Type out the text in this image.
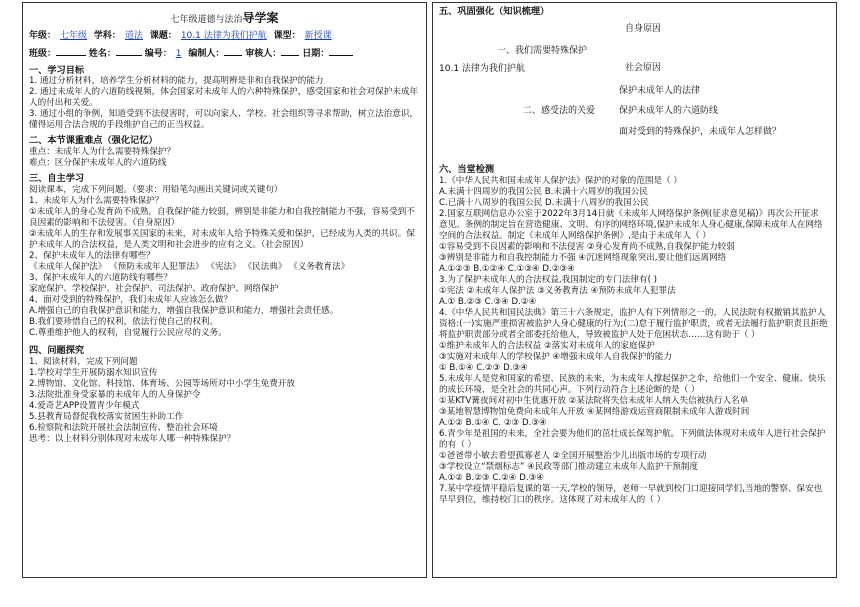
七年级道德与法治导学案
年级： 七年级 学科： 道法 课题： 10.1 法律为我们护航 课型： 新授课
班级：	姓名：	编号： 1 编制人： 审核人： 日期：
一、学习目标
1. 通过分析材料，培养学生分析材料的能力，提高明辨是非和自我保护的能力
2. 通过未成年人的六道防线视频，体会国家对未成年人的六种特殊保护，感受国家和社会对保护未成年
人的付出和关爱。
3. 通过小组的争例，知道受到不法侵害时，可以向家人、学校、社会组织等寻求帮助，树立法治意识，
懂得运用合法合规的手段维护自己的正当权益。
二、本节课重难点（强化记忆）
重点：未成年人为什么需要特殊保护？
难点：区分保护未成年人的六道防线
三、自主学习
阅读课本，完成下列问题。（要求：用铅笔勾画出关键词或关键句）
1、未成年人为什么需要特殊保护？
①未成年人的身心发育尚不成熟，自我保护能力较弱，辨别是非能力和自我控制能力不强，容易受到不
良因素的影响和不法侵害。（自身原因）
②未成年人的生存和发展事关国家的未来，对未成年人给予特殊关爱和保护，已经成为人类的共识。保
护未成年人的合法权益，是人类文明和社会进步的应有之义。（社会原因）
2、保护未成年人的法律有哪些？
《未成年人保护法》 《预防未成年人犯罪法》 《宪法》 《民法典》 《义务教育法》
3、保护未成年人的六道防线有哪些？
家庭保护、学校保护、社会保护、司法保护、政府保护、网络保护
4、面对受到的特殊保护，我们未成年人应该怎么做？
A.增强自己的自我保护意识和能力，增强自我保护意识和能力，增强社会责任感。
B.我们要珍惜自己的权利，依法行使自己的权利。
C.尊重维护他人的权利，自觉履行公民应尽的义务。
四、问题探究
1、阅读材料，完成下列问题
1.学校对学生开展防溺水知识宣传
2.博物馆、文化馆、科技馆、体育场、公园等场所对中小学生免费开放
3.法院批准身受家暴的未成年人的人身保护令
4.爱奇艺APP设置青少年模式
5.县教育局督促我校落实贫困生补助工作
6.检察院和法院开展社会法制宣传、整治社会环境
思考：以上材料分别体现对未成年人哪一种特殊保护？
五、巩固强化（知识梳理）
自身原因
一、我们需要特殊保护
10.1 法律为我们护航	社会原因
保护未成年人的法律
二、感受法的关爱	保护未成年人的六道防线
面对受到的特殊保护，未成年人怎样做？
六、当堂检测
1.《中华人民共和国未成年人保护法》保护的对象的范围是（ ）
A.未满十四周岁的我国公民 B.未满十六周岁的我国公民
C.已满十八周岁的我国公民 D.未满十八周岁的我国公民
2.国家互联网信息办公室于2022年3月14日就《未成年人网络保护条例(征求意见稿)》再次公开征求
意见。条例的制定旨在营造健康、文明、有序的网络环境,保护未成年人身心健康,保障未成年人在网络
空间的合法权益。制定《未成年人网络保护条例》,是由于未成年人（ ）
①容易受到不良因素的影响和不法侵害 ②身心发育尚不成熟,自我保护能力较弱
③辨别是非能力和自我控制能力不强 ④沉迷网络现象突出,要让他们远离网络
A.①②③ B.①②④ C.①③④ D.②③④
3.为了保护未成年人的合法权益,我国制定的专门法律有( )
①宪法 ②未成年人保护法 ③义务教育法 ④预防未成年人犯罪法
A.① B.②③ C.③④ D.②④
4.《中华人民共和国民法典》第三十六条规定，监护人有下列情形之一的，人民法院有权撤销其监护人
资格:(一)实施严重损害被监护人身心健康的行为;(二)怠于履行监护职责，或者无法履行监护职责且拒绝
将监护职责部分或者全部委托给他人，导致被监护人处于危困状态……这有助于（ ）
①维护未成年人的合法权益 ②落实对未成年人的家庭保护
③实施对未成年人的学校保护 ④增强未成年人自我保护的能力
① B.①④ C.②③ D.③④
5.未成年人是党和国家的希望、民族的未来，为未成年人撑起保护之伞，给他们一个安全、健康、快乐
的成长环境，是全社会的共同心声。下列行动符合上述论断的是（ ）
①某KTV篝夜间对初中生优惠开放 ②某法院将失信未成年人纳入失信被执行人名单
③某地智慧博物馆免费向未成年人开放 ④某网络游戏运营商限制未成年人游戏时间
A.①② B.①④ C. ②③ D.③④
6.青少年是祖国的未来，全社会要为他们的茁壮成长保驾护航。下列做法体现对未成年人进行社会保护
的有（ ）
①爸爸带小敏去看望孤寡老人 ②全国开展整治少儿出版市场的专项行动
③学校设立“禁烟标志” ④民政等部门推动建立未成年人监护干预制度
A.①② B.②③ C.②④ D.③④
7.某中学疫情平稳后复课的第一天,学校的领导，老师一早就到校门口迎接同学们,当地的警察、保安也
早早到位，维持校门口的秩序。这体现了对未成年人的（ ）
